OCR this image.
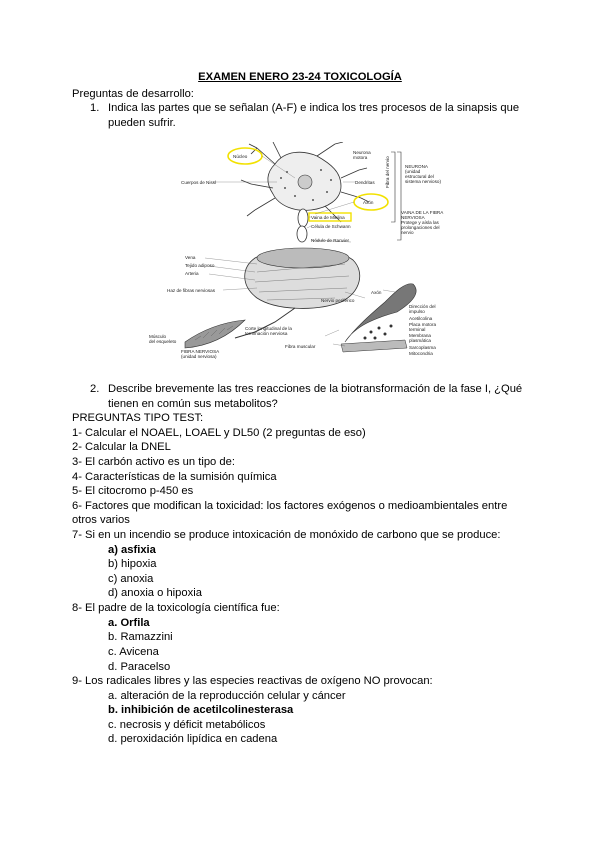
EXAMEN ENERO 23-24 TOXICOLOGÍA
Preguntas de desarrollo:
1. Indica las partes que se señalan (A-F) e indica los tres procesos de la sinapsis que
pueden sufrir.
Núcleo
Neurona
motora
Cuerpos de Nissl	Dendritas
Axón
NEURONA
(unidad
estructural del
sistema nervioso)
VAINA DE LA FIBRA
NERVIOSA
Protege y aísla las
prolongaciones del
nervio
Vaina de Mielina
Célula de Schwann
Nódulo de Ranvier
Vena
Tejido adiposo
Arteria
Haz de fibras nerviosas
Nervio periférico
Axón
Dirección del
impulso
Acetilcolina
Placa motora
terminal
Membrana
plasmática
Sarcoplasma
Mitocondria
Músculo
del esqueleto
Corte longitudinal de la
terminación nerviosa
Fibra muscular
FIBRA NERVIOSA
(unidad nerviosa)
Fibra del nervio
2. Describe brevemente las tres reacciones de la biotransformación de la fase I, ¿Qué
tienen en común sus metabolitos?
PREGUNTAS TIPO TEST:
1- Calcular el NOAEL, LOAEL y DL50 (2 preguntas de eso)
2- Calcular la DNEL
3- El carbón activo es un tipo de:
4- Características de la sumisión química
5- El citocromo p-450 es
6- Factores que modifican la toxicidad: los factores exógenos o medioambientales entre
otros varios
7- Si en un incendio se produce intoxicación de monóxido de carbono que se produce:
a) asfixia
b) hipoxia
c) anoxia
d) anoxia o hipoxia
8- El padre de la toxicología científica fue:
a. Orfila
b. Ramazzini
c. Avicena
d. Paracelso
9- Los radicales libres y las especies reactivas de oxígeno NO provocan:
a. alteración de la reproducción celular y cáncer
b. inhibición de acetilcolinesterasa
c. necrosis y déficit metabólicos
d. peroxidación lipídica en cadena
